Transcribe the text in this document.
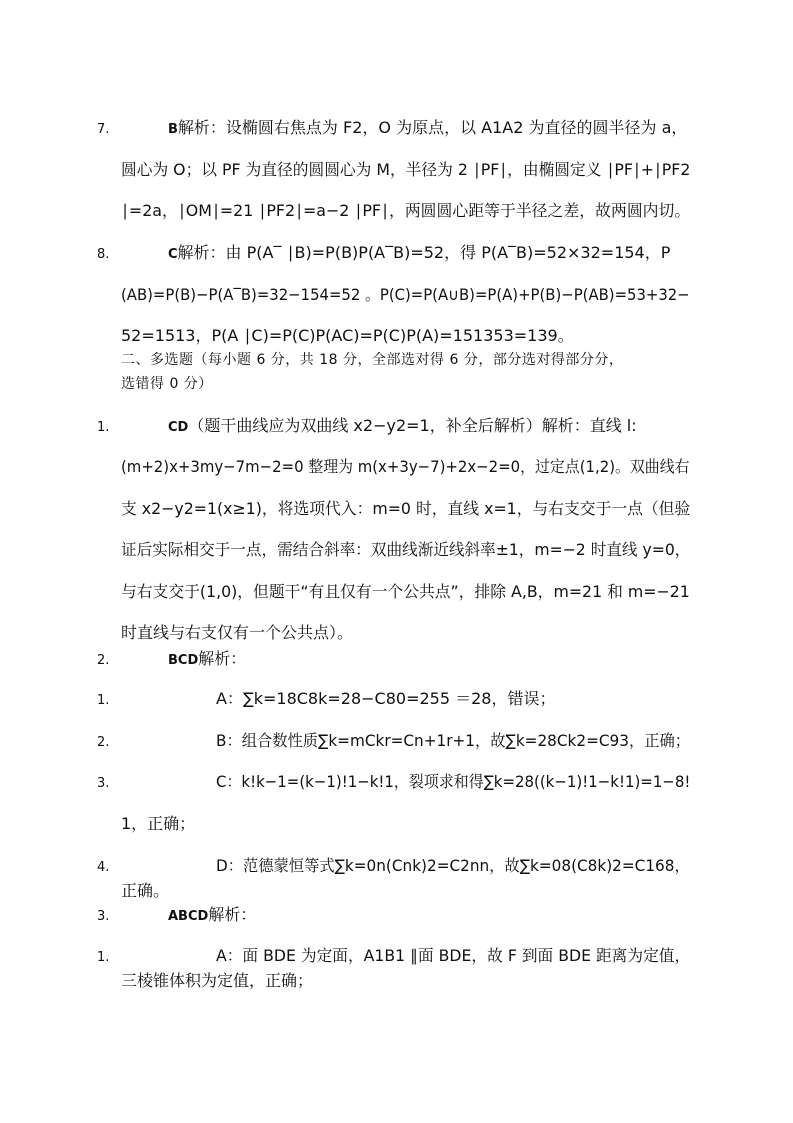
7.	B解析：设椭圆右焦点为 F2，O 为原点，以 A1A2 为直径的圆半径为 a，
圆心为 O；以 PF 为直径的圆圆心为 M，半径为 2 ∣PF∣，由椭圆定义 ∣PF∣+∣PF2
∣=2a，∣OM∣=21 ∣PF2∣=a−2 ∣PF∣，两圆圆心距等于半径之差，故两圆内切。
8.	C解析：由 P(A‾ ∣B)=P(B)P(A‾B)=52，得 P(A‾B)=52×32=154，P
(AB)=P(B)−P(A‾B)=32−154=52 。P(C)=P(A∪B)=P(A)+P(B)−P(AB)=53+32−
52=1513，P(A ∣C)=P(C)P(AC)=P(C)P(A)=151353=139。
二、多选题（每小题 6 分，共 18 分，全部选对得 6 分，部分选对得部分分，
选错得 0 分）
1.	CD（题干曲线应为双曲线 x2−y2=1，补全后解析）解析：直线 l:
(m+2)x+3my−7m−2=0 整理为 m(x+3y−7)+2x−2=0，过定点(1,2)。双曲线右
支 x2−y2=1(x≥1)，将选项代入：m=0 时，直线 x=1，与右支交于一点（但验
证后实际相交于一点，需结合斜率：双曲线渐近线斜率±1，m=−2 时直线 y=0，
与右支交于(1,0)，但题干“有且仅有一个公共点”，排除 A,B，m=21 和 m=−21
时直线与右支仅有一个公共点）。
2.	BCD解析：
1.	A：∑k=18C8k=28−C80=255 ＝28，错误；
2.	B：组合数性质∑k=mCkr=Cn+1r+1，故∑k=28Ck2=C93，正确；
3.	C：k!k−1=(k−1)!1−k!1，裂项求和得∑k=28((k−1)!1−k!1)=1−8!
1，正确；
4.	D：范德蒙恒等式∑k=0n(Cnk)2=C2nn，故∑k=08(C8k)2=C168，
正确。
3.	ABCD解析：
1.	A：面 BDE 为定面，A1B1 ∥面 BDE，故 F 到面 BDE 距离为定值，
三棱锥体积为定值，正确；
